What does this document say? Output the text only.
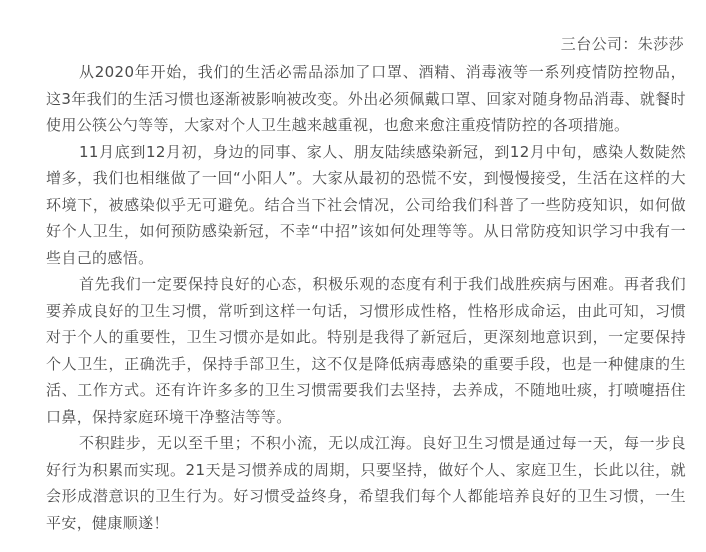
三台公司：朱莎莎

从2020年开始，我们的生活必需品添加了口罩、酒精、消毒液等一系列疫情防控物品，这3年我们的生活习惯也逐渐被影响被改变。外出必须佩戴口罩、回家对随身物品消毒、就餐时使用公筷公勺等等，大家对个人卫生越来越重视，也愈来愈注重疫情防控的各项措施。

11月底到12月初，身边的同事、家人、朋友陆续感染新冠，到12月中旬，感染人数陡然增多，我们也相继做了一回“小阳人”。大家从最初的恐慌不安，到慢慢接受，生活在这样的大环境下，被感染似乎无可避免。结合当下社会情况，公司给我们科普了一些防疫知识，如何做好个人卫生，如何预防感染新冠，不幸“中招”该如何处理等等。从日常防疫知识学习中我有一些自己的感悟。

首先我们一定要保持良好的心态，积极乐观的态度有利于我们战胜疾病与困难。再者我们要养成良好的卫生习惯，常听到这样一句话，习惯形成性格，性格形成命运，由此可知，习惯对于个人的重要性，卫生习惯亦是如此。特别是我得了新冠后，更深刻地意识到，一定要保持个人卫生，正确洗手，保持手部卫生，这不仅是降低病毒感染的重要手段，也是一种健康的生活、工作方式。还有许许多多的卫生习惯需要我们去坚持，去养成，不随地吐痰，打喷嚏捂住口鼻，保持家庭环境干净整洁等等。

不积跬步，无以至千里；不积小流，无以成江海。良好卫生习惯是通过每一天，每一步良好行为积累而实现。21天是习惯养成的周期，只要坚持，做好个人、家庭卫生，长此以往，就会形成潜意识的卫生行为。好习惯受益终身，希望我们每个人都能培养良好的卫生习惯，一生平安，健康顺遂！
